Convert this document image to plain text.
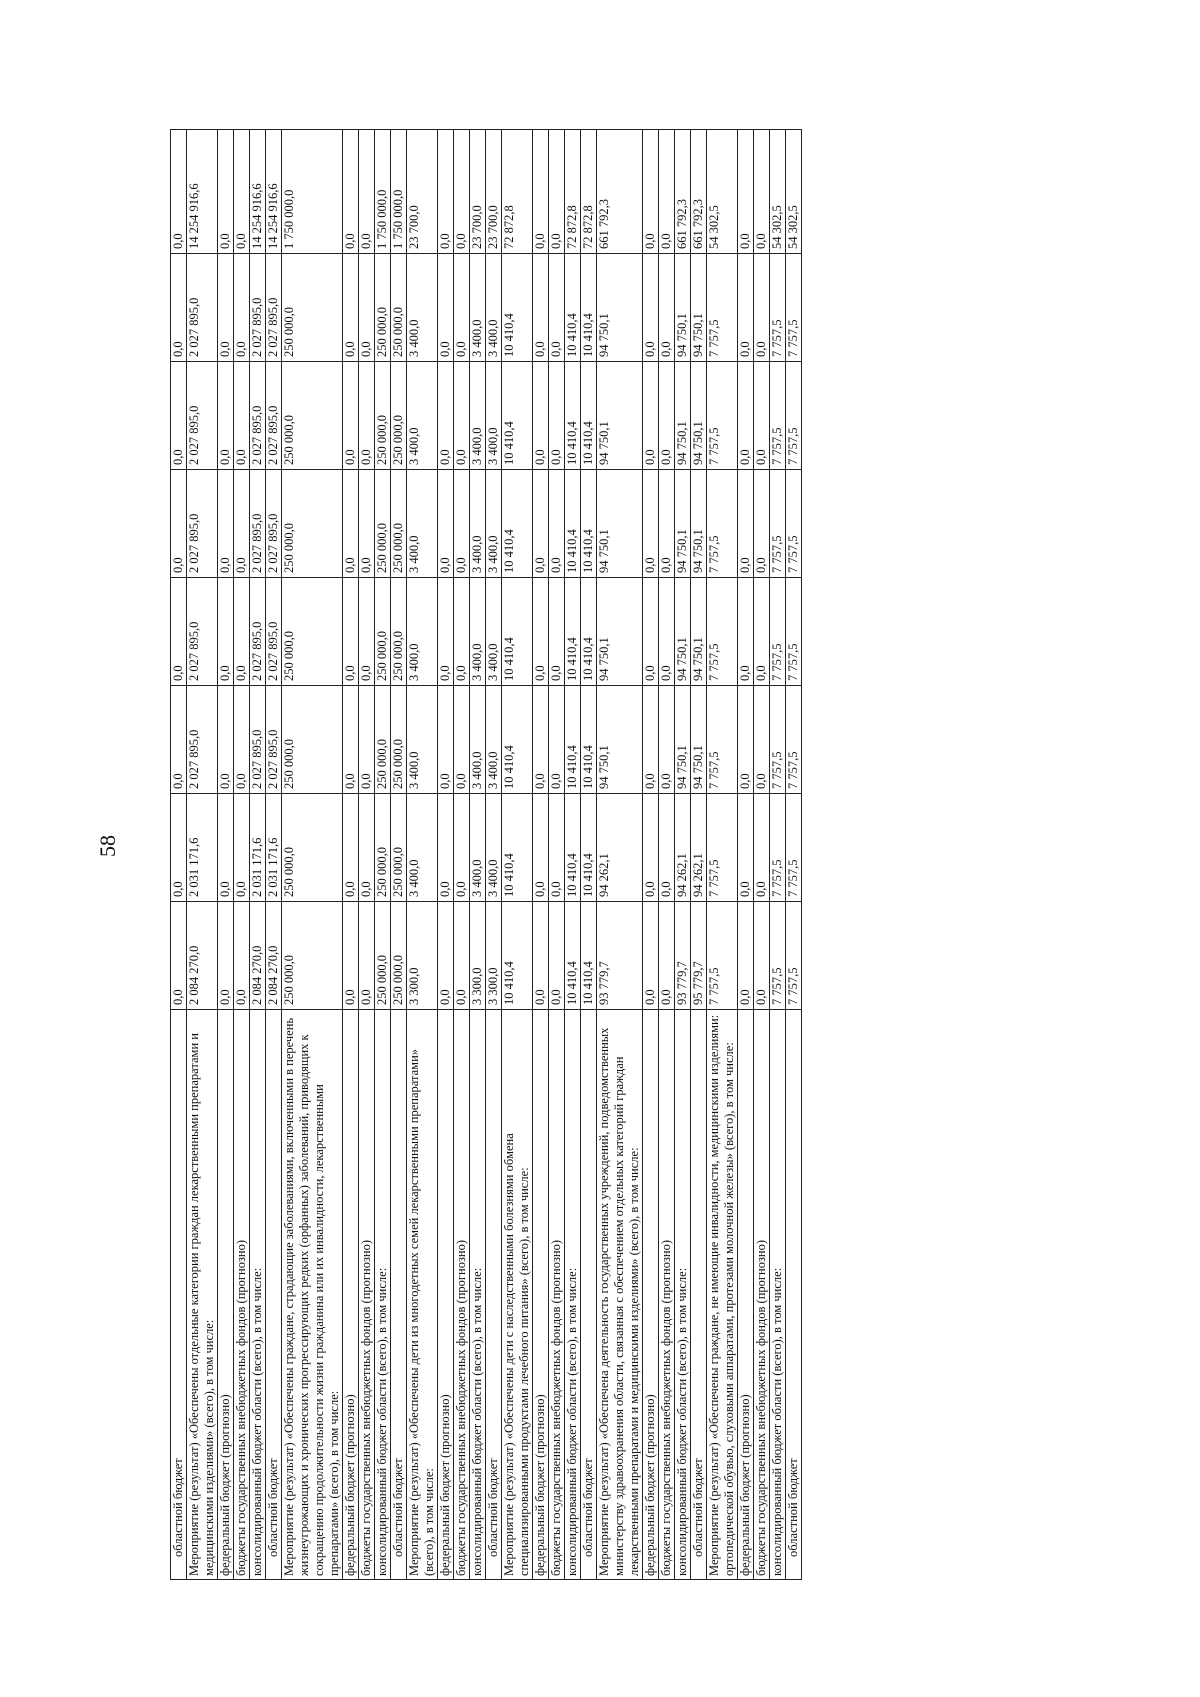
58
областной бюджет	0,0	0,0	0,0	0,0	0,0	0,0	0,0	0,0
Мероприятие (результат) «Обеспечены отдельные категории граждан лекарственными препаратами и медицинскими изделиями» (всего), в том числе:	2 084 270,0	2 031 171,6	2 027 895,0	2 027 895,0	2 027 895,0	2 027 895,0	2 027 895,0	14 254 916,6
федеральный бюджет (прогнозно)	0,0	0,0	0,0	0,0	0,0	0,0	0,0	0,0
бюджеты государственных внебюджетных фондов (прогнозно)	0,0	0,0	0,0	0,0	0,0	0,0	0,0	0,0
консолидированный бюджет области (всего), в том числе:	2 084 270,0	2 031 171,6	2 027 895,0	2 027 895,0	2 027 895,0	2 027 895,0	2 027 895,0	14 254 916,6
областной бюджет	2 084 270,0	2 031 171,6	2 027 895,0	2 027 895,0	2 027 895,0	2 027 895,0	2 027 895,0	14 254 916,6
Мероприятие (результат) «Обеспечены граждане, страдающие заболеваниями, включенными в перечень жизнеугрожающих и хронических прогрессирующих редких (орфанных) заболеваний, приводящих к сокращению продолжительности жизни гражданина или их инвалидности, лекарственными препаратами» (всего), в том числе:	250 000,0	250 000,0	250 000,0	250 000,0	250 000,0	250 000,0	250 000,0	1 750 000,0
федеральный бюджет (прогнозно)	0,0	0,0	0,0	0,0	0,0	0,0	0,0	0,0
бюджеты государственных внебюджетных фондов (прогнозно)	0,0	0,0	0,0	0,0	0,0	0,0	0,0	0,0
консолидированный бюджет области (всего), в том числе:	250 000,0	250 000,0	250 000,0	250 000,0	250 000,0	250 000,0	250 000,0	1 750 000,0
областной бюджет	250 000,0	250 000,0	250 000,0	250 000,0	250 000,0	250 000,0	250 000,0	1 750 000,0
Мероприятие (результат) «Обеспечены дети из многодетных семей лекарственными препаратами» (всего), в том числе:	3 300,0	3 400,0	3 400,0	3 400,0	3 400,0	3 400,0	3 400,0	23 700,0
федеральный бюджет (прогнозно)	0,0	0,0	0,0	0,0	0,0	0,0	0,0	0,0
бюджеты государственных внебюджетных фондов (прогнозно)	0,0	0,0	0,0	0,0	0,0	0,0	0,0	0,0
консолидированный бюджет области (всего), в том числе:	3 300,0	3 400,0	3 400,0	3 400,0	3 400,0	3 400,0	3 400,0	23 700,0
областной бюджет	3 300,0	3 400,0	3 400,0	3 400,0	3 400,0	3 400,0	3 400,0	23 700,0
Мероприятие (результат) «Обеспечены дети с наследственными болезнями обмена специализированными продуктами лечебного питания» (всего), в том числе:	10 410,4	10 410,4	10 410,4	10 410,4	10 410,4	10 410,4	10 410,4	72 872,8
федеральный бюджет (прогнозно)	0,0	0,0	0,0	0,0	0,0	0,0	0,0	0,0
бюджеты государственных внебюджетных фондов (прогнозно)	0,0	0,0	0,0	0,0	0,0	0,0	0,0	0,0
консолидированный бюджет области (всего), в том числе:	10 410,4	10 410,4	10 410,4	10 410,4	10 410,4	10 410,4	10 410,4	72 872,8
областной бюджет	10 410,4	10 410,4	10 410,4	10 410,4	10 410,4	10 410,4	10 410,4	72 872,8
Мероприятие (результат) «Обеспечена деятельность государственных учреждений, подведомственных министерству здравоохранения области, связанная с обеспечением отдельных категорий граждан лекарственными препаратами и медицинскими изделиями» (всего), в том числе:	93 779,7	94 262,1	94 750,1	94 750,1	94 750,1	94 750,1	94 750,1	661 792,3
федеральный бюджет (прогнозно)	0,0	0,0	0,0	0,0	0,0	0,0	0,0	0,0
бюджеты государственных внебюджетных фондов (прогнозно)	0,0	0,0	0,0	0,0	0,0	0,0	0,0	0,0
консолидированный бюджет области (всего), в том числе:	93 779,7	94 262,1	94 750,1	94 750,1	94 750,1	94 750,1	94 750,1	661 792,3
областной бюджет	95 779,7	94 262,1	94 750,1	94 750,1	94 750,1	94 750,1	94 750,1	661 792,3
Мероприятие (результат) «Обеспечены граждане, не имеющие инвалидности, медицинскими изделиями: ортопедической обувью, слуховыми аппаратами, протезами молочной железы» (всего), в том числе:	7 757,5	7 757,5	7 757,5	7 757,5	7 757,5	7 757,5	7 757,5	54 302,5
федеральный бюджет (прогнозно)	0,0	0,0	0,0	0,0	0,0	0,0	0,0	0,0
бюджеты государственных внебюджетных фондов (прогнозно)	0,0	0,0	0,0	0,0	0,0	0,0	0,0	0,0
консолидированный бюджет области (всего), в том числе:	7 757,5	7 757,5	7 757,5	7 757,5	7 757,5	7 757,5	7 757,5	54 302,5
областной бюджет	7 757,5	7 757,5	7 757,5	7 757,5	7 757,5	7 757,5	7 757,5	54 302,5
